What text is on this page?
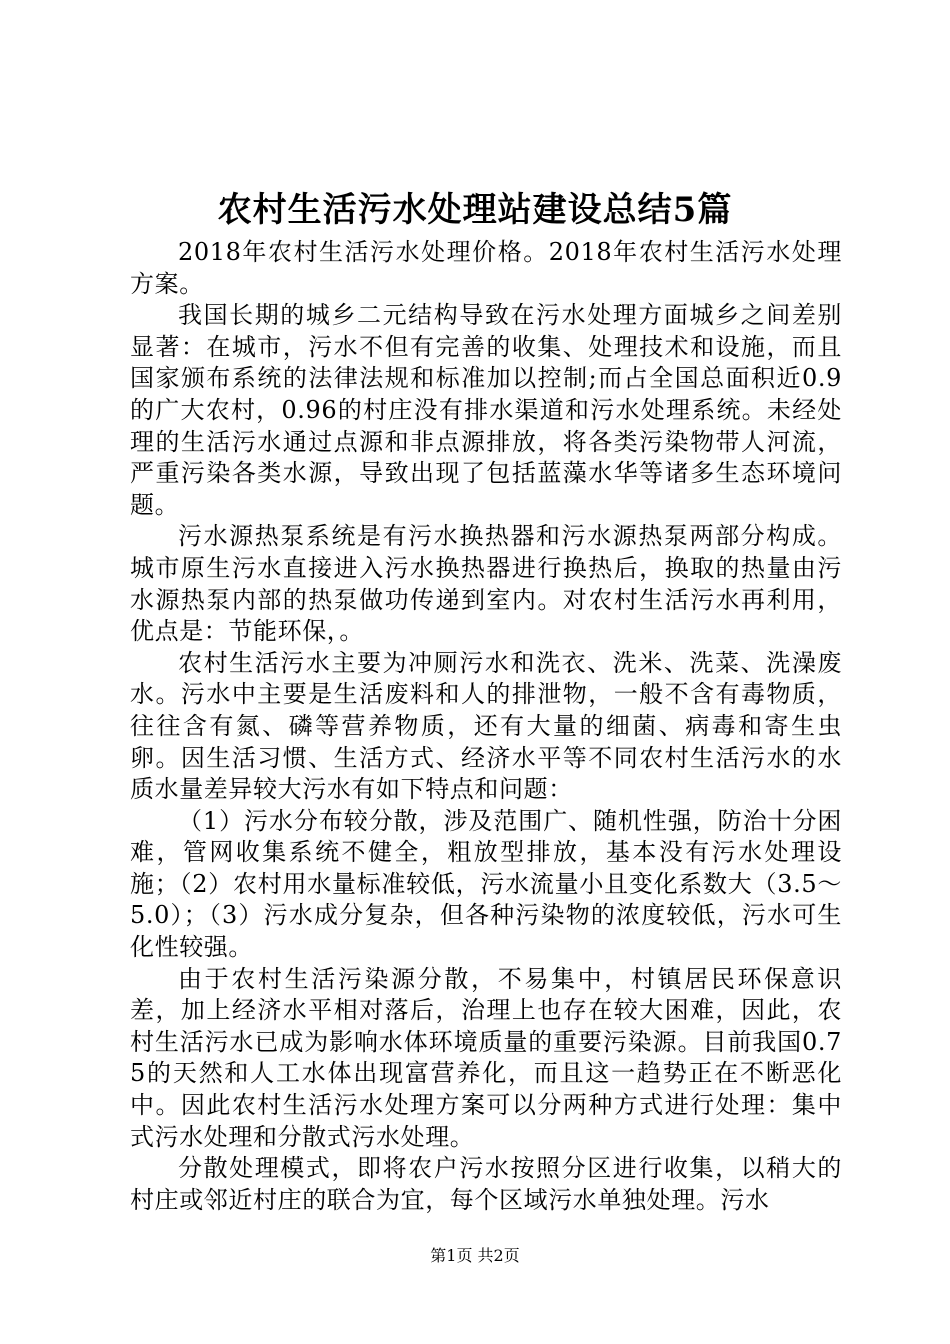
农村生活污水处理站建设总结5篇

2018年农村生活污水处理价格。2018年农村生活污水处理方案。

我国长期的城乡二元结构导致在污水处理方面城乡之间差别显著：在城市，污水不但有完善的收集、处理技术和设施，而且国家颁布系统的法律法规和标准加以控制;而占全国总面积近0.9的广大农村，0.96的村庄没有排水渠道和污水处理系统。未经处理的生活污水通过点源和非点源排放，将各类污染物带人河流，严重污染各类水源，导致出现了包括蓝藻水华等诸多生态环境问题。

污水源热泵系统是有污水换热器和污水源热泵两部分构成。城市原生污水直接进入污水换热器进行换热后，换取的热量由污水源热泵内部的热泵做功传递到室内。对农村生活污水再利用，优点是：节能环保，。

农村生活污水主要为冲厕污水和洗衣、洗米、洗菜、洗澡废水。污水中主要是生活废料和人的排泄物，一般不含有毒物质，往往含有氮、磷等营养物质，还有大量的细菌、病毒和寄生虫卵。因生活习惯、生活方式、经济水平等不同农村生活污水的水质水量差异较大污水有如下特点和问题：

（1）污水分布较分散，涉及范围广、随机性强，防治十分困难，管网收集系统不健全，粗放型排放，基本没有污水处理设施；（2）农村用水量标准较低，污水流量小且变化系数大（3.5～5.0）；（3）污水成分复杂，但各种污染物的浓度较低，污水可生化性较强。

由于农村生活污染源分散，不易集中，村镇居民环保意识差，加上经济水平相对落后，治理上也存在较大困难，因此，农村生活污水已成为影响水体环境质量的重要污染源。目前我国0.75的天然和人工水体出现富营养化，而且这一趋势正在不断恶化中。因此农村生活污水处理方案可以分两种方式进行处理：集中式污水处理和分散式污水处理。

分散处理模式，即将农户污水按照分区进行收集，以稍大的村庄或邻近村庄的联合为宜，每个区域污水单独处理。污水

第1页 共2页
